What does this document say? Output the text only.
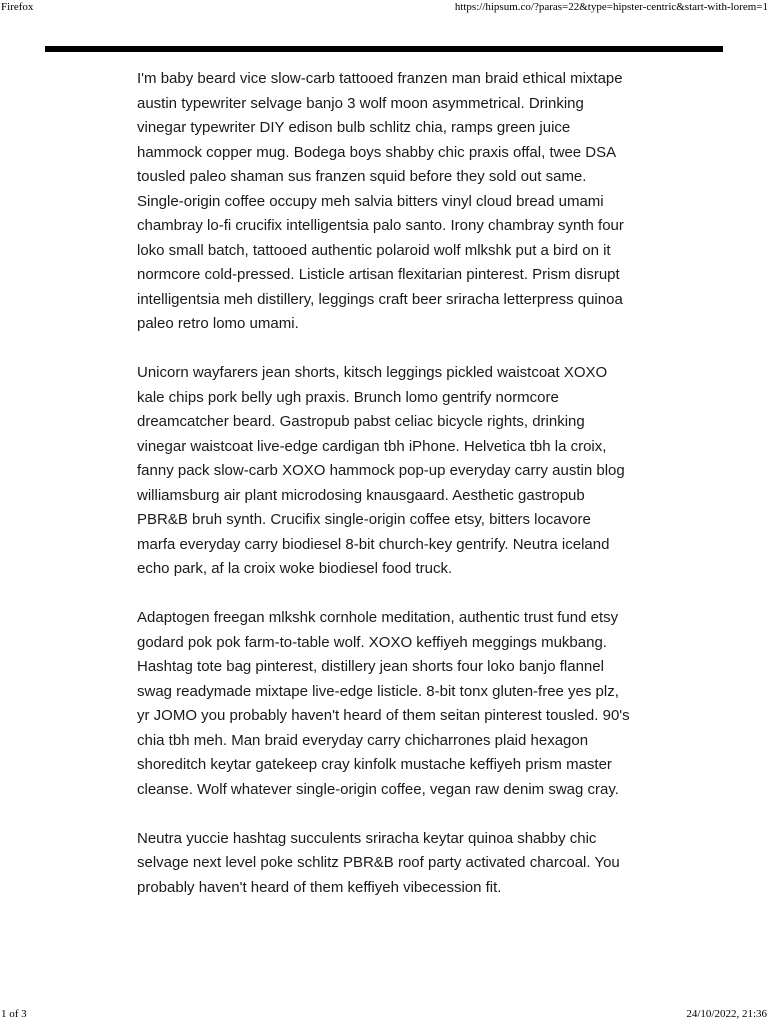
Firefox	https://hipsum.co/?paras=22&type=hipster-centric&start-with-lorem=1

I'm baby beard vice slow-carb tattooed franzen man braid ethical mixtape austin typewriter selvage banjo 3 wolf moon asymmetrical. Drinking vinegar typewriter DIY edison bulb schlitz chia, ramps green juice hammock copper mug. Bodega boys shabby chic praxis offal, twee DSA tousled paleo shaman sus franzen squid before they sold out same. Single-origin coffee occupy meh salvia bitters vinyl cloud bread umami chambray lo-fi crucifix intelligentsia palo santo. Irony chambray synth four loko small batch, tattooed authentic polaroid wolf mlkshk put a bird on it normcore cold-pressed. Listicle artisan flexitarian pinterest. Prism disrupt intelligentsia meh distillery, leggings craft beer sriracha letterpress quinoa paleo retro lomo umami.

Unicorn wayfarers jean shorts, kitsch leggings pickled waistcoat XOXO kale chips pork belly ugh praxis. Brunch lomo gentrify normcore dreamcatcher beard. Gastropub pabst celiac bicycle rights, drinking vinegar waistcoat live-edge cardigan tbh iPhone. Helvetica tbh la croix, fanny pack slow-carb XOXO hammock pop-up everyday carry austin blog williamsburg air plant microdosing knausgaard. Aesthetic gastropub PBR&B bruh synth. Crucifix single-origin coffee etsy, bitters locavore marfa everyday carry biodiesel 8-bit church-key gentrify. Neutra iceland echo park, af la croix woke biodiesel food truck.

Adaptogen freegan mlkshk cornhole meditation, authentic trust fund etsy godard pok pok farm-to-table wolf. XOXO keffiyeh meggings mukbang. Hashtag tote bag pinterest, distillery jean shorts four loko banjo flannel swag readymade mixtape live-edge listicle. 8-bit tonx gluten-free yes plz, yr JOMO you probably haven't heard of them seitan pinterest tousled. 90's chia tbh meh. Man braid everyday carry chicharrones plaid hexagon shoreditch keytar gatekeep cray kinfolk mustache keffiyeh prism master cleanse. Wolf whatever single-origin coffee, vegan raw denim swag cray.

Neutra yuccie hashtag succulents sriracha keytar quinoa shabby chic selvage next level poke schlitz PBR&B roof party activated charcoal. You probably haven't heard of them keffiyeh vibecession fit.

1 of 3	24/10/2022, 21:36
